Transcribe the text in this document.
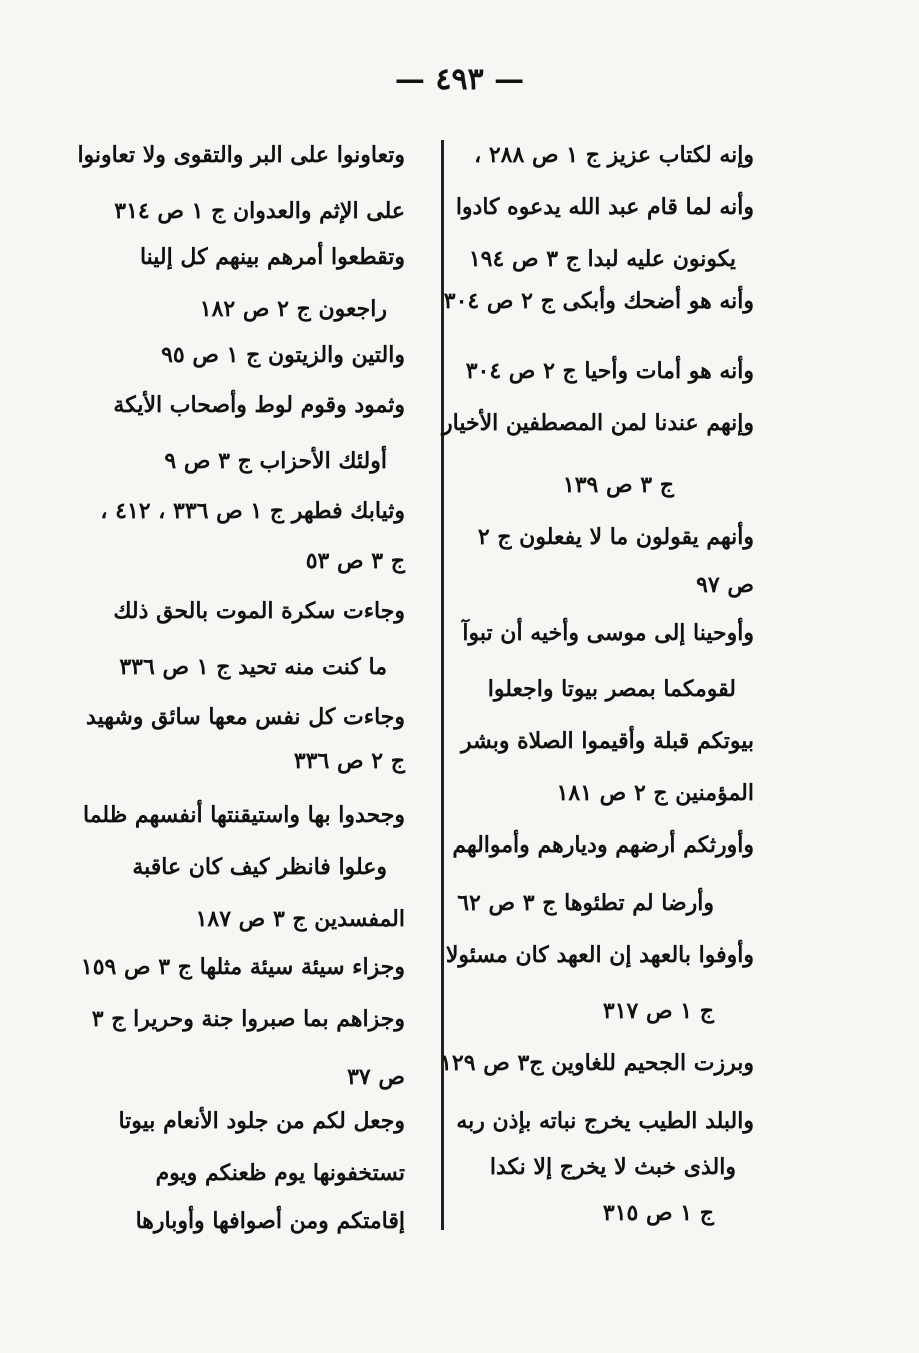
— ٤٩٣ —
وإنه لكتاب عزيز ج ١ ص ٢٨٨ ،
وأنه لما قام عبد الله يدعوه كادوا
يكونون عليه لبدا ج ٣ ص ١٩٤
وأنه هو أضحك وأبكى ج ٢ ص ٣٠٤
وأنه هو أمات وأحيا ج ٢ ص ٣٠٤
وإنهم عندنا لمن المصطفين الأخيار
ج ٣ ص ١٣٩
وأنهم يقولون ما لا يفعلون ج ٢
ص ٩٧
وأوحينا إلى موسى وأخيه أن تبوآ
لقومكما بمصر بيوتا واجعلوا
بيوتكم قبلة وأقيموا الصلاة وبشر
المؤمنين ج ٢ ص ١٨١
وأورثكم أرضهم وديارهم وأموالهم
وأرضا لم تطئوها ج ٣ ص ٦٢
وأوفوا بالعهد إن العهد كان مسئولا
ج ١ ص ٣١٧
وبرزت الجحيم للغاوين ج٣ ص ١٢٩
والبلد الطيب يخرج نباته بإذن ربه
والذى خبث لا يخرج إلا نكدا
ج ١ ص ٣١٥
وتعاونوا على البر والتقوى ولا تعاونوا
على الإثم والعدوان ج ١ ص ٣١٤
وتقطعوا أمرهم بينهم كل إلينا
راجعون ج ٢ ص ١٨٢
والتين والزيتون ج ١ ص ٩٥
وثمود وقوم لوط وأصحاب الأيكة
أولئك الأحزاب ج ٣ ص ٩
وثيابك فطهر ج ١ ص ٣٣٦ ، ٤١٢ ،
ج ٣ ص ٥٣
وجاءت سكرة الموت بالحق ذلك
ما كنت منه تحيد ج ١ ص ٣٣٦
وجاءت كل نفس معها سائق وشهيد
ج ٢ ص ٣٣٦
وجحدوا بها واستيقنتها أنفسهم ظلما
وعلوا فانظر كيف كان عاقبة
المفسدين ج ٣ ص ١٨٧
وجزاء سيئة سيئة مثلها ج ٣ ص ١٥٩
وجزاهم بما صبروا جنة وحريرا ج ٣
ص ٣٧
وجعل لكم من جلود الأنعام بيوتا
تستخفونها يوم ظعنكم ويوم
إقامتكم ومن أصوافها وأوبارها
